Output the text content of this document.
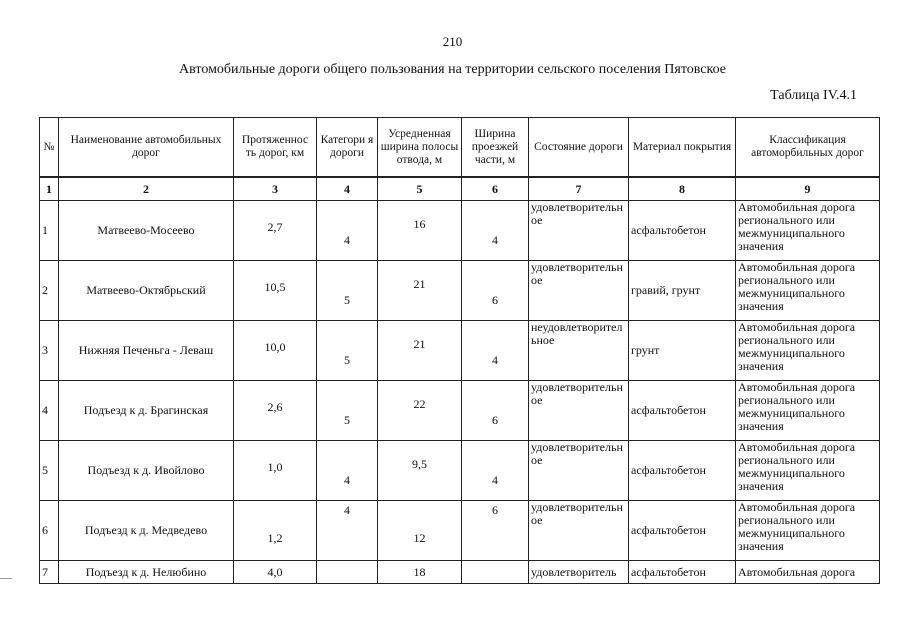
210
Автомобильные дороги общего пользования на территории сельского поселения Пятовское
Таблица IV.4.1
№	Наименование автомобильных дорог	Протяженнос ть дорог, км	Категори я дороги	Усредненная ширина полосы отвода, м	Ширина проезжей части, м	Состояние дороги	Материал покрытия	Классификация автоморбильных дорог
1	2	3	4	5	6	7	8	9
1	Матвеево-Мосеево	2,7	4	16	4	удовлетворительное	асфальтобетон	Автомобильная дорога регионального или межмуниципального значения
2	Матвеево-Октябрьский	10,5	5	21	6	удовлетворительное	гравий, грунт	Автомобильная дорога регионального или межмуниципального значения
3	Нижняя Печеньга - Леваш	10,0	5	21	4	неудовлетворительное	грунт	Автомобильная дорога регионального или межмуниципального значения
4	Подъезд к д. Брагинская	2,6	5	22	6	удовлетворительное	асфальтобетон	Автомобильная дорога регионального или межмуниципального значения
5	Подъезд к д. Ивойлово	1,0	4	9,5	4	удовлетворительное	асфальтобетон	Автомобильная дорога регионального или межмуниципального значения
6	Подъезд к д. Медведево	1,2	4	12	6	удовлетворительное	асфальтобетон	Автомобильная дорога регионального или межмуниципального значения
7	Подъезд к д. Нелюбино	4,0		18		удовлетворитель	асфальтобетон	Автомобильная дорога
